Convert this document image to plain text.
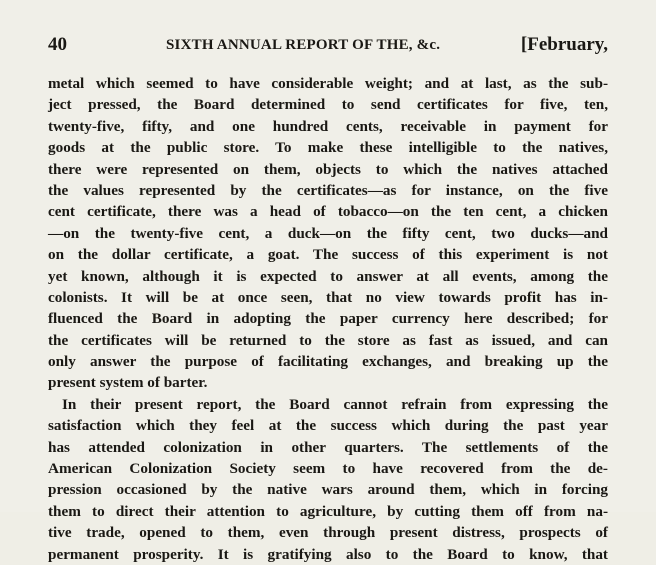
40	SIXTH ANNUAL REPORT OF THE, &c.	[February,
metal which seemed to have considerable weight; and at last, as the sub-
ject pressed, the Board determined to send certificates for five, ten,
twenty-five, fifty, and one hundred cents, receivable in payment for
goods at the public store. To make these intelligible to the natives,
there were represented on them, objects to which the natives attached
the values represented by the certificates—as for instance, on the five
cent certificate, there was a head of tobacco—on the ten cent, a chicken
—on the twenty-five cent, a duck—on the fifty cent, two ducks—and
on the dollar certificate, a goat. The success of this experiment is not
yet known, although it is expected to answer at all events, among the
colonists. It will be at once seen, that no view towards profit has in-
fluenced the Board in adopting the paper currency here described; for
the certificates will be returned to the store as fast as issued, and can
only answer the purpose of facilitating exchanges, and breaking up the
present system of barter.
In their present report, the Board cannot refrain from expressing the
satisfaction which they feel at the success which during the past year
has attended colonization in other quarters. The settlements of the
American Colonization Society seem to have recovered from the de-
pression occasioned by the native wars around them, which in forcing
them to direct their attention to agriculture, by cutting them off from na-
tive trade, opened to them, even through present distress, prospects of
permanent prosperity. It is gratifying also to the Board to know, that
